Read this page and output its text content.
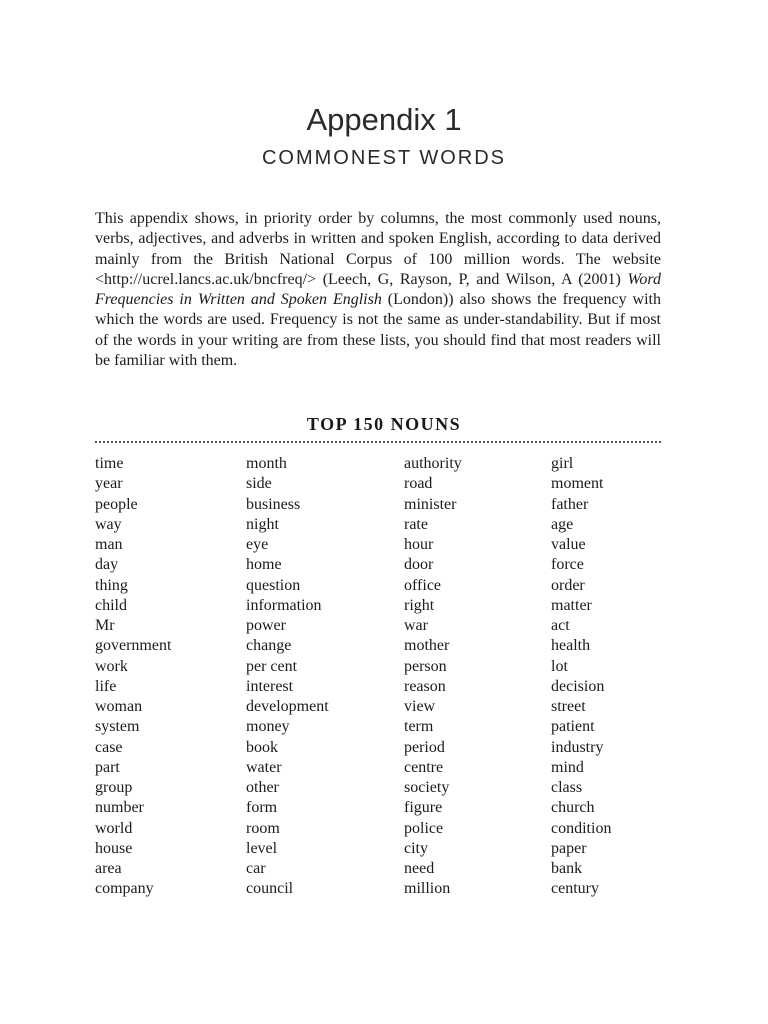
Appendix 1
COMMONEST WORDS

This appendix shows, in priority order by columns, the most commonly used nouns, verbs, adjectives, and adverbs in written and spoken English, according to data derived mainly from the British National Corpus of 100 million words. The website <http://ucrel.lancs.ac.uk/bncfreq/> (Leech, G, Rayson, P, and Wilson, A (2001) Word Frequencies in Written and Spoken English (London)) also shows the frequency with which the words are used. Frequency is not the same as under-standability. But if most of the words in your writing are from these lists, you should find that most readers will be familiar with them.

TOP 150 NOUNS
time
year
people
way
man
day
thing
child
Mr
government
work
life
woman
system
case
part
group
number
world
house
area
company
month
side
business
night
eye
home
question
information
power
change
per cent
interest
development
money
book
water
other
form
room
level
car
council
authority
road
minister
rate
hour
door
office
right
war
mother
person
reason
view
term
period
centre
society
figure
police
city
need
million
girl
moment
father
age
value
force
order
matter
act
health
lot
decision
street
patient
industry
mind
class
church
condition
paper
bank
century
